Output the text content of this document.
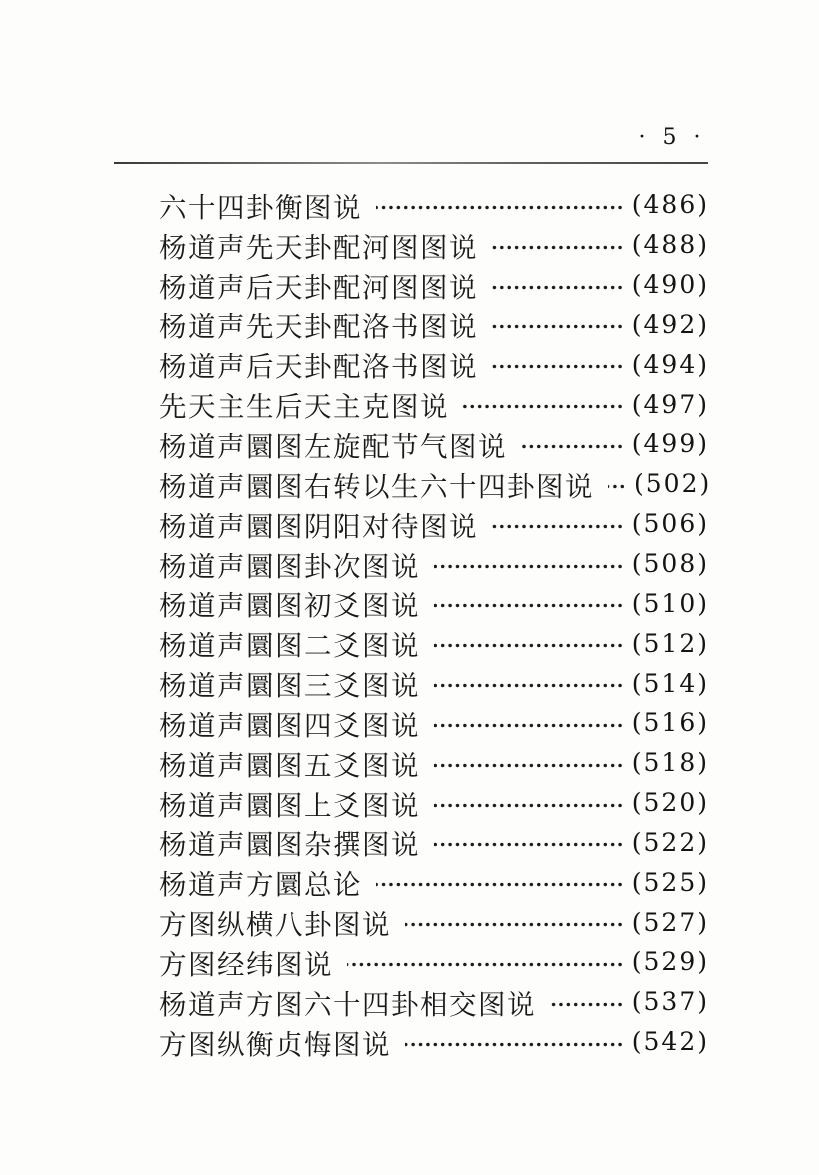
· 5 ·
六十四卦衡图说	(486)
杨道声先天卦配河图图说	(488)
杨道声后天卦配河图图说	(490)
杨道声先天卦配洛书图说	(492)
杨道声后天卦配洛书图说	(494)
先天主生后天主克图说	(497)
杨道声圜图左旋配节气图说	(499)
杨道声圜图右转以生六十四卦图说 (502)
杨道声圜图阴阳对待图说	(506)
杨道声圜图卦次图说	(508)
杨道声圜图初爻图说	(510)
杨道声圜图二爻图说	(512)
杨道声圜图三爻图说	(514)
杨道声圜图四爻图说	(516)
杨道声圜图五爻图说	(518)
杨道声圜图上爻图说	(520)
杨道声圜图杂撰图说	(522)
杨道声方圜总论	(525)
方图纵横八卦图说	(527)
方图经纬图说	(529)
杨道声方图六十四卦相交图说	(537)
方图纵衡贞悔图说	(542)
